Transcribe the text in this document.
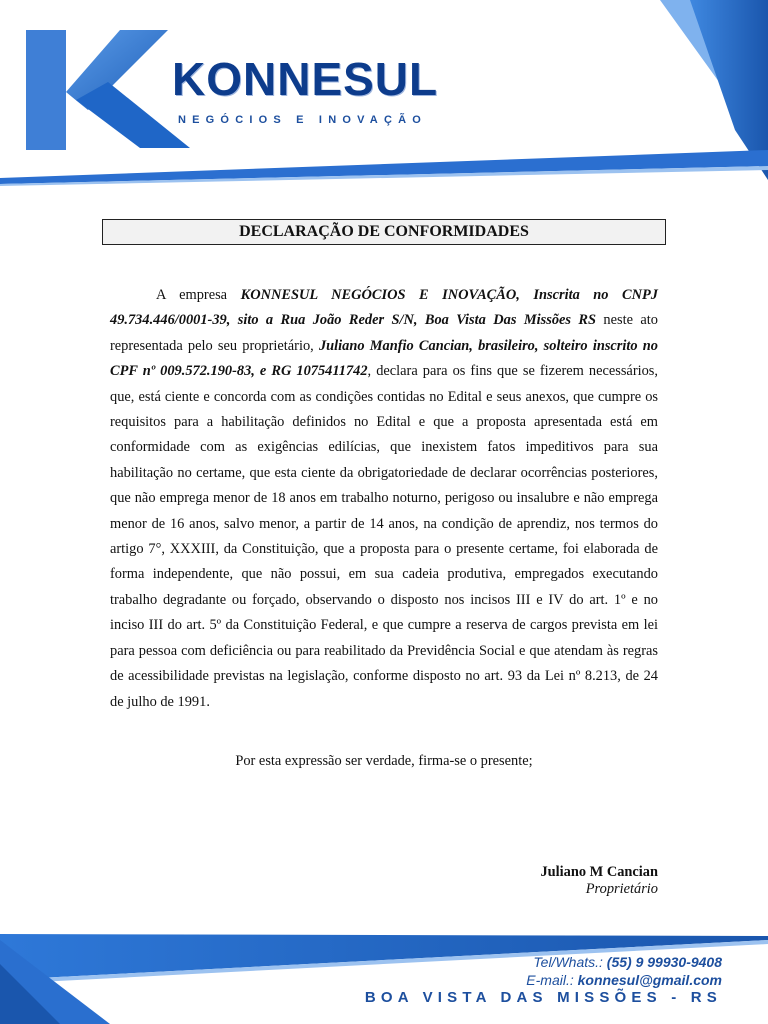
KONNESUL
NEGÓCIOS E INOVAÇÃO
DECLARAÇÃO DE CONFORMIDADES

A empresa KONNESUL NEGÓCIOS E INOVAÇÃO, Inscrita no CNPJ 49.734.446/0001-39, sito a Rua João Reder S/N, Boa Vista Das Missões RS neste ato representada pelo seu proprietário, Juliano Manfio Cancian, brasileiro, solteiro inscrito no CPF nº 009.572.190-83, e RG 1075411742, declara para os fins que se fizerem necessários, que, está ciente e concorda com as condições contidas no Edital e seus anexos, que cumpre os requisitos para a habilitação definidos no Edital e que a proposta apresentada está em conformidade com as exigências edilícias, que inexistem fatos impeditivos para sua habilitação no certame, que esta ciente da obrigatoriedade de declarar ocorrências posteriores, que não emprega menor de 18 anos em trabalho noturno, perigoso ou insalubre e não emprega menor de 16 anos, salvo menor, a partir de 14 anos, na condição de aprendiz, nos termos do artigo 7°, XXXIII, da Constituição, que a proposta para o presente certame, foi elaborada de forma independente, que não possui, em sua cadeia produtiva, empregados executando trabalho degradante ou forçado, observando o disposto nos incisos III e IV do art. 1º e no inciso III do art. 5º da Constituição Federal, e que cumpre a reserva de cargos prevista em lei para pessoa com deficiência ou para reabilitado da Previdência Social e que atendam às regras de acessibilidade previstas na legislação, conforme disposto no art. 93 da Lei nº 8.213, de 24 de julho de 1991.

Por esta expressão ser verdade, firma-se o presente;
Juliano M Cancian
Proprietário
Tel/Whats.: (55) 9 99930-9408
E-mail.: konnesul@gmail.com
BOA VISTA DAS MISSÕES - RS
